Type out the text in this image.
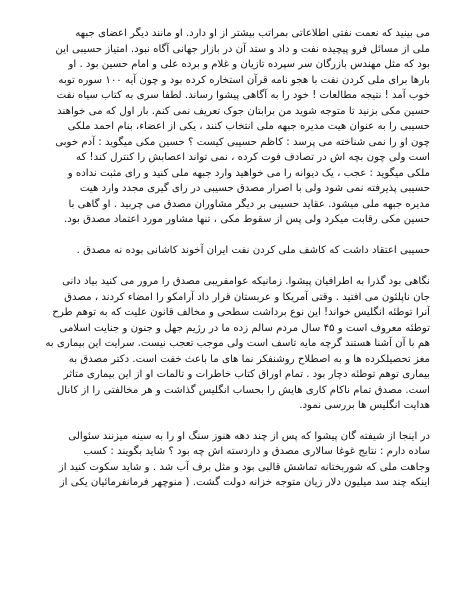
می بینید که نعمت نفتی اطلاعاتی بمراتب بیشتر از او دارد. او مانند دیگر اعضای جبهه
ملی از مسائل فرو پیچیده نفت و داد و ستد آن در بازار جهانی آگاه نبود. امتیاز حسیبی این
بود که مثل مهندس بازرگان سر سپرده تازیان و غلام و برده علی و امام حسین بود . او
بارها برای ملی کردن نفت با هجو نامه قرآن استخاره کرده بود و چون آیه ۱۰۰ سوره توبه
خوب آمد ! نتیجه مطالعات ! خود را به آگاهی پیشوا رساند. لطفا سری به کتاب سیاه نفت
حسین مکی بزنید تا متوجه شوید من برابتان جوک تعریف نمی کنم. بار اول که می خواهند
حسیبی را به عنوان هیت مدیره جبهه ملی انتخاب کنند ، یکی از اعضاء، بنام احمد ملکی
چون او را نمی شناخته می پرسد : کاظم حسیبی کیست ؟ حسین مکی میگوید : آدم خوبی
است ولی چون بچه اش در تصادف فوت کرده ، نمی تواند اعصابش را کنترل کند! که
ملکی میگوید : عجب ، یک دیوانه را می خواهید وارد جبهه ملی کنید و رای مثبت نداده و
حسیبی پذیرفته نمی شود ولی با اصرار مصدق حسیبی در رای گیری مجدد وارد هیت
مدیره جبهه ملی میشود. عقاید حسیبی بر دیگر مشاوران مصدق می چربید . او گاهی با
حسین مکی رقابت میکرد ولی پس از سقوط مکی ، تنها مشاور مورد اعتماد مصدق بود.
حسیبی اعتقاد داشت که کاشف ملی کردن نفت ایران آخوند کاشانی بوده نه مصدق .
نگاهی بود گذرا به اطرافیان پیشوا. زمانیکه عوامفریبی مصدق را مرور می کنید بیاد دانی
جان ناپلئون می افتید . وقتی آمریکا و عربستان قرار داد آرامکو را امضاء کردند ، مصدق
آنرا توطئه انگلیس خواند! این نوع برداشت سطحی و مخالف قانون علیت که به توهم طرح
توطئه معروف است و ۴۵ سال مردم سالم زده ما در رژیم جهل و جنون و جنایت اسلامی
هم با آن آشنا هستند گرچه مایه تاسف است ولی موجب تعجب نیست. سرایت این بیماری به
مغز تحصیلکرده ها و به اصطلاح روشنفکر نما های ما باعث خفت است. دکتر مصدق به
بیماری توهم توطئه دچار بود . تمام اوراق کتاب خاطرات و تالمات او از این بیماری متاثر
است. مصدق تمام ناکام کاری هایش را بحساب انگلیس گذاشت و هر مخالفتی را از کانال
هدایت انگلیس ها بررسی نمود.
در اینجا از شیفته گان پیشوا که پس از چند دهه هنوز سنگ او را به سینه میزنند سئوالی
ساده دارم : نتایج غوغا سالاری مصدق و داردسته اش چه بود ؟ شاید بگویند : کسب
وجاهت ملی که شوربختانه تماشش قالبی بود و مثل برف آب شد . و شاید سکوت کنید از
اینکه چند سد میلیون دلار زیان متوجه خزانه دولت گشت. ( منوچهر فرمانفرمائیان یکی از
